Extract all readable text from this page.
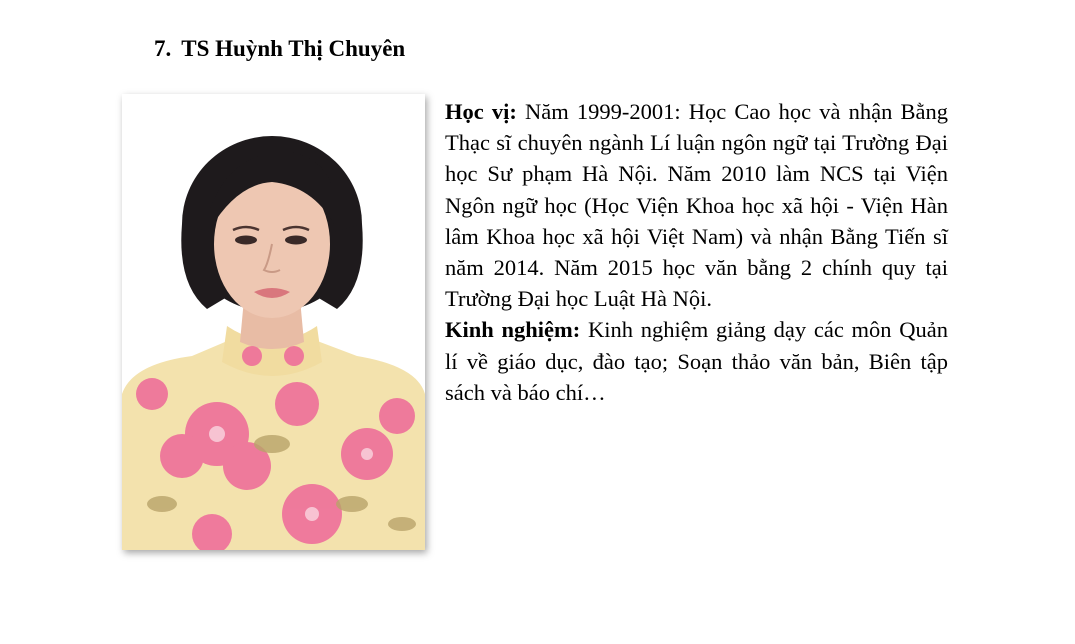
7. TS Huỳnh Thị Chuyên

Học vị: Năm 1999-2001: Học Cao học và nhận Bằng Thạc sĩ chuyên ngành Lí luận ngôn ngữ tại Trường Đại học Sư phạm Hà Nội. Năm 2010 làm NCS tại Viện Ngôn ngữ học (Học Viện Khoa học xã hội - Viện Hàn lâm Khoa học xã hội Việt Nam) và nhận Bằng Tiến sĩ năm 2014. Năm 2015 học văn bằng 2 chính quy tại Trường Đại học Luật Hà Nội.

Kinh nghiệm: Kinh nghiệm giảng dạy các môn Quản lí về giáo dục, đào tạo; Soạn thảo văn bản, Biên tập sách và báo chí…
